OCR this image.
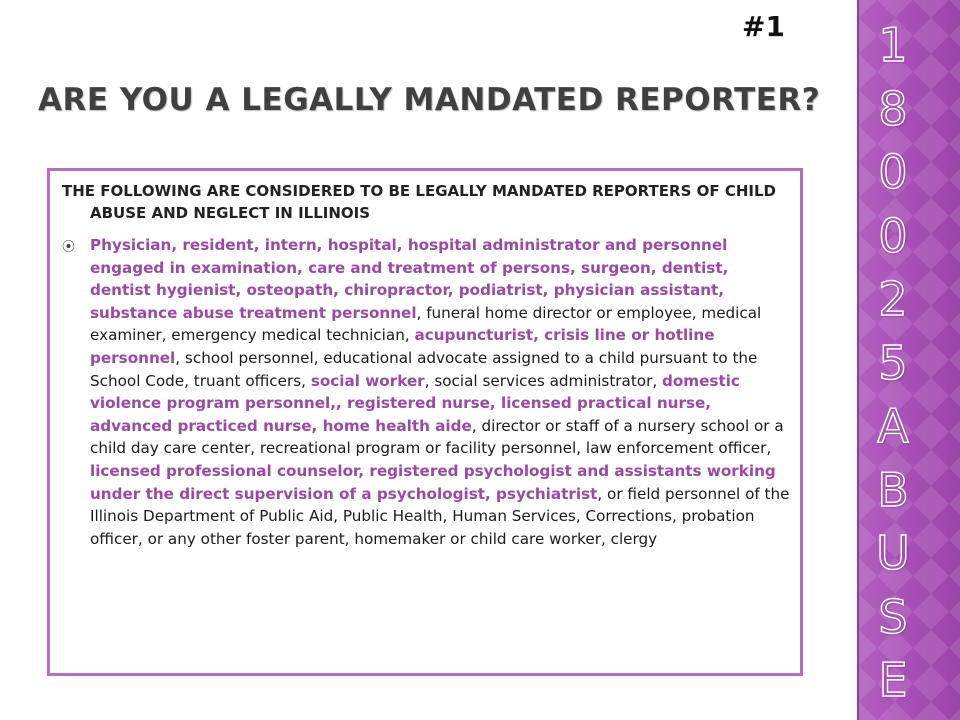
#1
ARE YOU A LEGALLY MANDATED REPORTER?

THE FOLLOWING ARE CONSIDERED TO BE LEGALLY MANDATED REPORTERS OF CHILD ABUSE AND NEGLECT IN ILLINOIS

⦿ Physician, resident, intern, hospital, hospital administrator and personnel engaged in examination, care and treatment of persons, surgeon, dentist, dentist hygienist, osteopath, chiropractor, podiatrist, physician assistant, substance abuse treatment personnel, funeral home director or employee, medical examiner, emergency medical technician, acupuncturist, crisis line or hotline personnel, school personnel, educational advocate assigned to a child pursuant to the School Code, truant officers, social worker, social services administrator, domestic violence program personnel,, registered nurse, licensed practical nurse, advanced practiced nurse, home health aide, director or staff of a nursery school or a child day care center, recreational program or facility personnel, law enforcement officer, licensed professional counselor, registered psychologist and assistants working under the direct supervision of a psychologist, psychiatrist, or field personnel of the Illinois Department of Public Aid, Public Health, Human Services, Corrections, probation officer, or any other foster parent, homemaker or child care worker, clergy

1
8
0
0
2
5
A
B
U
S
E
